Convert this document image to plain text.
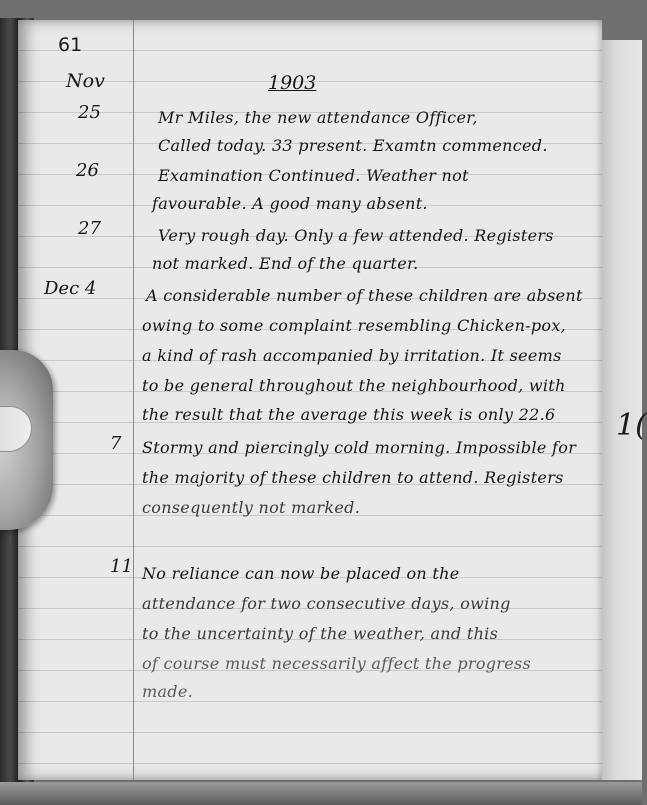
1(
61
Nov	1903
25	Mr Miles, the new attendance Officer,
Called today. 33 present. Examtn commenced.
26	Examination Continued. Weather not
favourable. A good many absent.
27	Very rough day. Only a few attended. Registers
not marked. End of the quarter.
Dec 4	A considerable number of these children are absent
owing to some complaint resembling Chicken-pox,
a kind of rash accompanied by irritation. It seems
to be general throughout the neighbourhood, with
the result that the average this week is only 22.6
7 Stormy and piercingly cold morning. Impossible for
the majority of these children to attend. Registers
consequently not marked.
11 No reliance can now be placed on the
attendance for two consecutive days, owing
to the uncertainty of the weather, and this
of course must necessarily affect the progress
made.
